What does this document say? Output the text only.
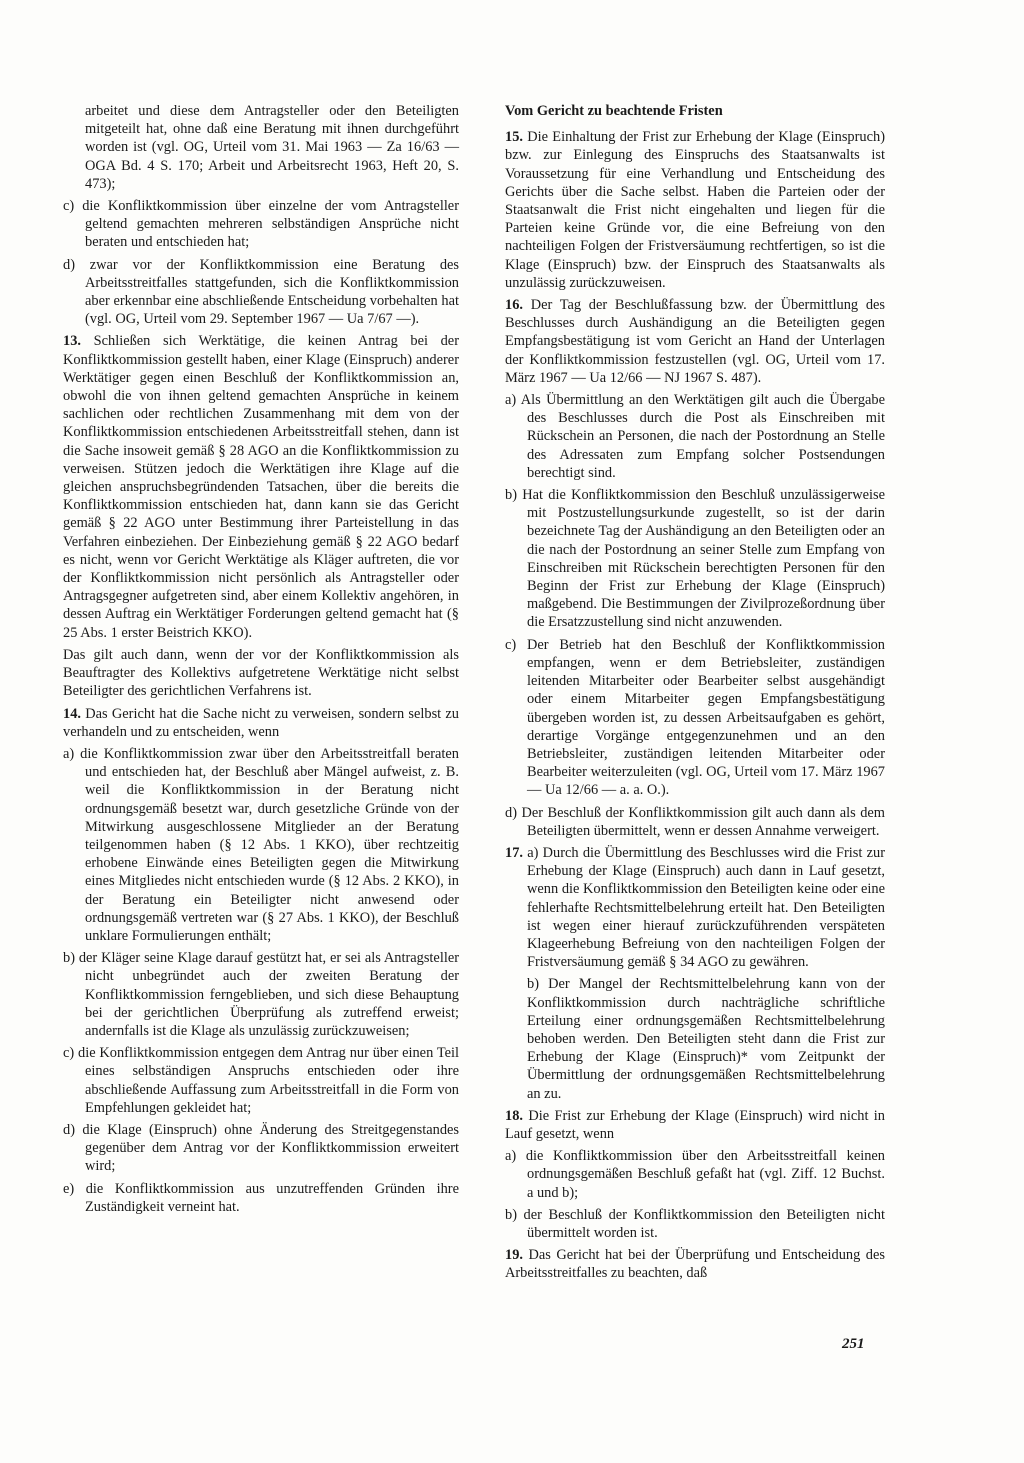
arbeitet und diese dem Antragsteller oder den Beteiligten mitgeteilt hat, ohne daß eine Beratung mit ihnen durchgeführt worden ist (vgl. OG, Urteil vom 31. Mai 1963 — Za 16/63 — OGA Bd. 4 S. 170; Arbeit und Arbeitsrecht 1963, Heft 20, S. 473);

c) die Konfliktkommission über einzelne der vom Antragsteller geltend gemachten mehreren selbständigen Ansprüche nicht beraten und entschieden hat;

d) zwar vor der Konfliktkommission eine Beratung des Arbeitsstreitfalles stattgefunden, sich die Konfliktkommission aber erkennbar eine abschließende Entscheidung vorbehalten hat (vgl. OG, Urteil vom 29. September 1967 — Ua 7/67 —).

13. Schließen sich Werktätige, die keinen Antrag bei der Konfliktkommission gestellt haben, einer Klage (Einspruch) anderer Werktätiger gegen einen Beschluß der Konfliktkommission an, obwohl die von ihnen geltend gemachten Ansprüche in keinem sachlichen oder rechtlichen Zusammenhang mit dem von der Konfliktkommission entschiedenen Arbeitsstreitfall stehen, dann ist die Sache insoweit gemäß § 28 AGO an die Konfliktkommission zu verweisen. Stützen jedoch die Werktätigen ihre Klage auf die gleichen anspruchsbegründenden Tatsachen, über die bereits die Konfliktkommission entschieden hat, dann kann sie das Gericht gemäß § 22 AGO unter Bestimmung ihrer Parteistellung in das Verfahren einbeziehen. Der Einbeziehung gemäß § 22 AGO bedarf es nicht, wenn vor Gericht Werktätige als Kläger auftreten, die vor der Konfliktkommission nicht persönlich als Antragsteller oder Antragsgegner aufgetreten sind, aber einem Kollektiv angehören, in dessen Auftrag ein Werktätiger Forderungen geltend gemacht hat (§ 25 Abs. 1 erster Beistrich KKO).

Das gilt auch dann, wenn der vor der Konfliktkommission als Beauftragter des Kollektivs aufgetretene Werktätige nicht selbst Beteiligter des gerichtlichen Verfahrens ist.

14. Das Gericht hat die Sache nicht zu verweisen, sondern selbst zu verhandeln und zu entscheiden, wenn

a) die Konfliktkommission zwar über den Arbeitsstreitfall beraten und entschieden hat, der Beschluß aber Mängel aufweist, z. B. weil die Konfliktkommission in der Beratung nicht ordnungsgemäß besetzt war, durch gesetzliche Gründe von der Mitwirkung ausgeschlossene Mitglieder an der Beratung teilgenommen haben (§ 12 Abs. 1 KKO), über rechtzeitig erhobene Einwände eines Beteiligten gegen die Mitwirkung eines Mitgliedes nicht entschieden wurde (§ 12 Abs. 2 KKO), in der Beratung ein Beteiligter nicht anwesend oder ordnungsgemäß vertreten war (§ 27 Abs. 1 KKO), der Beschluß unklare Formulierungen enthält;

b) der Kläger seine Klage darauf gestützt hat, er sei als Antragsteller nicht unbegründet auch der zweiten Beratung der Konfliktkommission ferngeblieben, und sich diese Behauptung bei der gerichtlichen Überprüfung als zutreffend erweist; andernfalls ist die Klage als unzulässig zurückzuweisen;

c) die Konfliktkommission entgegen dem Antrag nur über einen Teil eines selbständigen Anspruchs entschieden oder ihre abschließende Auffassung zum Arbeitsstreitfall in die Form von Empfehlungen gekleidet hat;

d) die Klage (Einspruch) ohne Änderung des Streitgegenstandes gegenüber dem Antrag vor der Konfliktkommission erweitert wird;

e) die Konfliktkommission aus unzutreffenden Gründen ihre Zuständigkeit verneint hat.

Vom Gericht zu beachtende Fristen

15. Die Einhaltung der Frist zur Erhebung der Klage (Einspruch) bzw. zur Einlegung des Einspruchs des Staatsanwalts ist Voraussetzung für eine Verhandlung und Entscheidung des Gerichts über die Sache selbst. Haben die Parteien oder der Staatsanwalt die Frist nicht eingehalten und liegen für die Parteien keine Gründe vor, die eine Befreiung von den nachteiligen Folgen der Fristversäumung rechtfertigen, so ist die Klage (Einspruch) bzw. der Einspruch des Staatsanwalts als unzulässig zurückzuweisen.

16. Der Tag der Beschlußfassung bzw. der Übermittlung des Beschlusses durch Aushändigung an die Beteiligten gegen Empfangsbestätigung ist vom Gericht an Hand der Unterlagen der Konfliktkommission festzustellen (vgl. OG, Urteil vom 17. März 1967 — Ua 12/66 — NJ 1967 S. 487).

a) Als Übermittlung an den Werktätigen gilt auch die Übergabe des Beschlusses durch die Post als Einschreiben mit Rückschein an Personen, die nach der Postordnung an Stelle des Adressaten zum Empfang solcher Postsendungen berechtigt sind.

b) Hat die Konfliktkommission den Beschluß unzulässigerweise mit Postzustellungsurkunde zugestellt, so ist der darin bezeichnete Tag der Aushändigung an den Beteiligten oder an die nach der Postordnung an seiner Stelle zum Empfang von Einschreiben mit Rückschein berechtigten Personen für den Beginn der Frist zur Erhebung der Klage (Einspruch) maßgebend. Die Bestimmungen der Zivilprozeßordnung über die Ersatzzustellung sind nicht anzuwenden.

c) Der Betrieb hat den Beschluß der Konfliktkommission empfangen, wenn er dem Betriebsleiter, zuständigen leitenden Mitarbeiter oder Bearbeiter selbst ausgehändigt oder einem Mitarbeiter gegen Empfangsbestätigung übergeben worden ist, zu dessen Arbeitsaufgaben es gehört, derartige Vorgänge entgegenzunehmen und an den Betriebsleiter, zuständigen leitenden Mitarbeiter oder Bearbeiter weiterzuleiten (vgl. OG, Urteil vom 17. März 1967 — Ua 12/66 — a. a. O.).

d) Der Beschluß der Konfliktkommission gilt auch dann als dem Beteiligten übermittelt, wenn er dessen Annahme verweigert.

17. a) Durch die Übermittlung des Beschlusses wird die Frist zur Erhebung der Klage (Einspruch) auch dann in Lauf gesetzt, wenn die Konfliktkommission den Beteiligten keine oder eine fehlerhafte Rechtsmittelbelehrung erteilt hat. Den Beteiligten ist wegen einer hierauf zurückzuführenden verspäteten Klageerhebung Befreiung von den nachteiligen Folgen der Fristversäumung gemäß § 34 AGO zu gewähren.

b) Der Mangel der Rechtsmittelbelehrung kann von der Konfliktkommission durch nachträgliche schriftliche Erteilung einer ordnungsgemäßen Rechtsmittelbelehrung behoben werden. Den Beteiligten steht dann die Frist zur Erhebung der Klage (Einspruch)* vom Zeitpunkt der Übermittlung der ordnungsgemäßen Rechtsmittelbelehrung an zu.

18. Die Frist zur Erhebung der Klage (Einspruch) wird nicht in Lauf gesetzt, wenn

a) die Konfliktkommission über den Arbeitsstreitfall keinen ordnungsgemäßen Beschluß gefaßt hat (vgl. Ziff. 12 Buchst. a und b);

b) der Beschluß der Konfliktkommission den Beteiligten nicht übermittelt worden ist.

19. Das Gericht hat bei der Überprüfung und Entscheidung des Arbeitsstreitfalles zu beachten, daß

251
